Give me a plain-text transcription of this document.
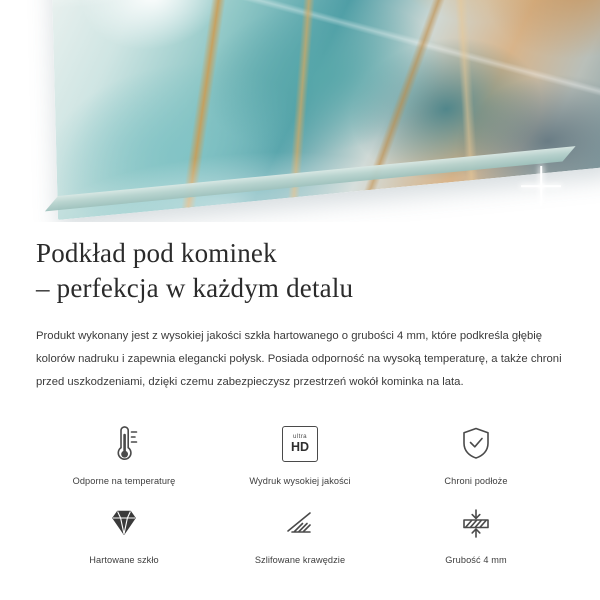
Podkład pod kominek
– perfekcja w każdym detalu

Produkt wykonany jest z wysokiej jakości szkła hartowanego o grubości 4 mm, które podkreśla głębię kolorów nadruku i zapewnia elegancki połysk. Posiada odporność na wysoką temperaturę, a także chroni przed uszkodzeniami, dzięki czemu zabezpieczysz przestrzeń wokół kominka na lata.

Odporne na temperaturę
ultra
HD
Wydruk wysokiej jakości	Chroni podłoże
Hartowane szkło	Szlifowane krawędzie	Grubość 4 mm
